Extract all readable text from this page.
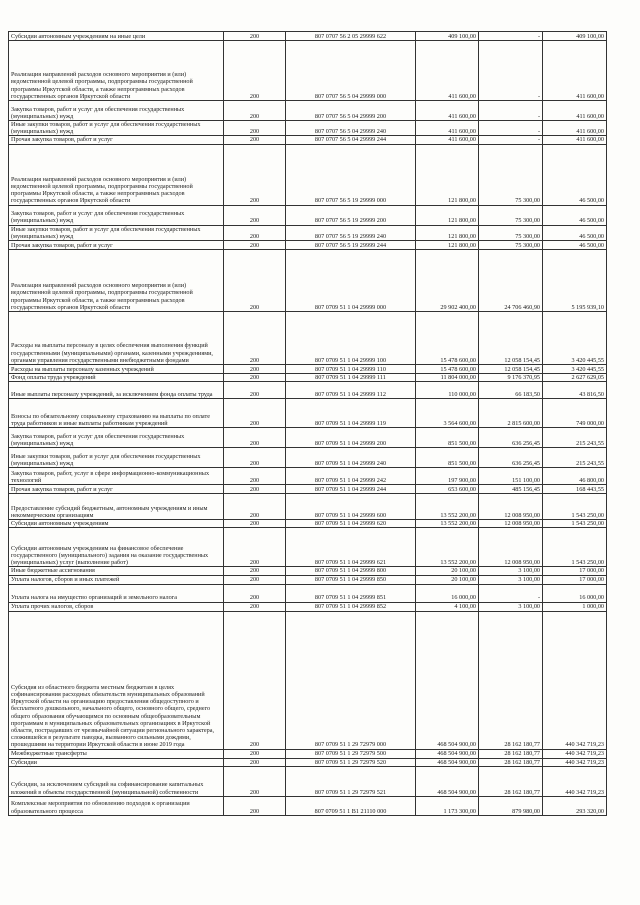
Субсидии автономным учреждениям на иные цели	200	807 0707 56 2 05 29999 622	409 100,00	-	409 100,00
Реализация направлений расходов основного мероприятия и (или) ведомственной целевой программы, подпрограммы государственной программы Иркутской области, а также непрограммных расходов государственных органов Иркутской области	200	807 0707 56 5 04 29999 000	411 600,00	-	411 600,00
Закупка товаров, работ и услуг для обеспечения государственных (муниципальных) нужд	200	807 0707 56 5 04 29999 200	411 600,00	-	411 600,00
Иные закупки товаров, работ и услуг для обеспечения государственных (муниципальных) нужд	200	807 0707 56 5 04 29999 240	411 600,00	-	411 600,00
Прочая закупка товаров, работ и услуг	200	807 0707 56 5 04 29999 244	411 600,00	-	411 600,00
Реализация направлений расходов основного мероприятия и (или) ведомственной целевой программы, подпрограммы государственной программы Иркутской области, а также непрограммных расходов государственных органов Иркутской области	200	807 0707 56 5 19 29999 000	121 800,00	75 300,00	46 500,00
Закупка товаров, работ и услуг для обеспечения государственных (муниципальных) нужд	200	807 0707 56 5 19 29999 200	121 800,00	75 300,00	46 500,00
Иные закупки товаров, работ и услуг для обеспечения государственных (муниципальных) нужд	200	807 0707 56 5 19 29999 240	121 800,00	75 300,00	46 500,00
Прочая закупка товаров, работ и услуг	200	807 0707 56 5 19 29999 244	121 800,00	75 300,00	46 500,00
Реализация направлений расходов основного мероприятия и (или) ведомственной целевой программы, подпрограммы государственной программы Иркутской области, а также непрограммных расходов государственных органов Иркутской области	200	807 0709 51 1 04 29999 000	29 902 400,00	24 706 460,90	5 195 939,10
Расходы на выплаты персоналу в целях обеспечения выполнения функций государственными (муниципальными) органами, казенными учреждениями, органами управления государственными внебюджетными фондами	200	807 0709 51 1 04 29999 100	15 478 600,00	12 058 154,45	3 420 445,55
Расходы на выплаты персоналу казенных учреждений	200	807 0709 51 1 04 29999 110	15 478 600,00	12 058 154,45	3 420 445,55
Фонд оплаты труда учреждений	200	807 0709 51 1 04 29999 111	11 804 000,00	9 176 370,95	2 627 629,05
Иные выплаты персоналу учреждений, за исключением фонда оплаты труда	200	807 0709 51 1 04 29999 112	110 000,00	66 183,50	43 816,50
Взносы по обязательному социальному страхованию на выплаты по оплате труда работников и иные выплаты работникам учреждений	200	807 0709 51 1 04 29999 119	3 564 600,00	2 815 600,00	749 000,00
Закупка товаров, работ и услуг для обеспечения государственных (муниципальных) нужд	200	807 0709 51 1 04 29999 200	851 500,00	636 256,45	215 243,55
Иные закупки товаров, работ и услуг для обеспечения государственных (муниципальных) нужд	200	807 0709 51 1 04 29999 240	851 500,00	636 256,45	215 243,55
Закупка товаров, работ, услуг в сфере информационно-коммуникационных технологий	200	807 0709 51 1 04 29999 242	197 900,00	151 100,00	46 800,00
Прочая закупка товаров, работ и услуг	200	807 0709 51 1 04 29999 244	653 600,00	485 156,45	168 443,55
Предоставление субсидий бюджетным, автономным учреждениям и иным некоммерческим организациям	200	807 0709 51 1 04 29999 600	13 552 200,00	12 008 950,00	1 543 250,00
Субсидии автономным учреждениям	200	807 0709 51 1 04 29999 620	13 552 200,00	12 008 950,00	1 543 250,00
Субсидии автономным учреждениям на финансовое обеспечение государственного (муниципального) задания на оказание государственных (муниципальных) услуг (выполнение работ)	200	807 0709 51 1 04 29999 621	13 552 200,00	12 008 950,00	1 543 250,00
Иные бюджетные ассигнования	200	807 0709 51 1 04 29999 800	20 100,00	3 100,00	17 000,00
Уплата налогов, сборов и иных платежей	200	807 0709 51 1 04 29999 850	20 100,00	3 100,00	17 000,00
Уплата налога на имущество организаций и земельного налога	200	807 0709 51 1 04 29999 851	16 000,00	-	16 000,00
Уплата прочих налогов, сборов	200	807 0709 51 1 04 29999 852	4 100,00	3 100,00	1 000,00
Субсидия из областного бюджета местным бюджетам в целях софинансирования расходных обязательств муниципальных образований Иркутской области на организацию предоставления общедоступного и бесплатного дошкольного, начального общего, основного общего, среднего общего образования обучающимся по основным общеобразовательным программам в муниципальных образовательных организациях в Иркутской области, пострадавших от чрезвычайной ситуации регионального характера, сложившейся в результате паводка, вызванного сильными дождями, прошедшими на территории Иркутской области в июне 2019 года	200	807 0709 51 1 29 72979 000	468 504 900,00	28 162 180,77	440 342 719,23
Межбюджетные трансферты	200	807 0709 51 1 29 72979 500	468 504 900,00	28 162 180,77	440 342 719,23
Субсидии	200	807 0709 51 1 29 72979 520	468 504 900,00	28 162 180,77	440 342 719,23
Субсидии, за исключением субсидий на софинансирование капитальных вложений в объекты государственной (муниципальной) собственности	200	807 0709 51 1 29 72979 521	468 504 900,00	28 162 180,77	440 342 719,23
Комплексные мероприятия по обновлению подходов к организации образовательного процесса	200	807 0709 51 1 В1 21110 000	1 173 300,00	879 980,00	293 320,00
